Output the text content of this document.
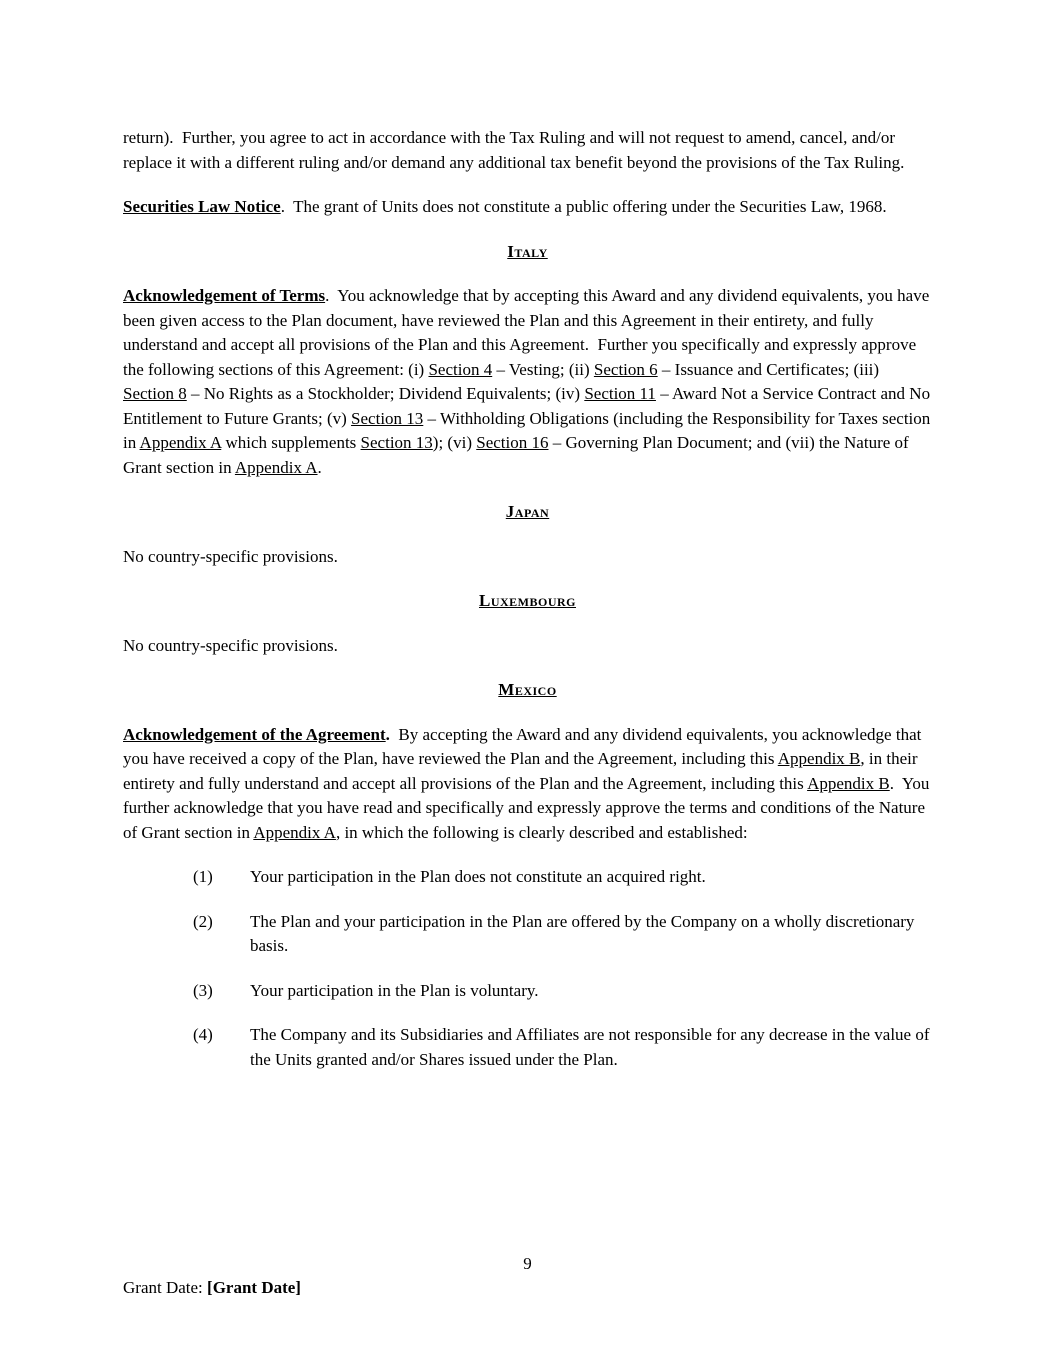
return).  Further, you agree to act in accordance with the Tax Ruling and will not request to amend, cancel, and/or replace it with a different ruling and/or demand any additional tax benefit beyond the provisions of the Tax Ruling.

Securities Law Notice.  The grant of Units does not constitute a public offering under the Securities Law, 1968.

Italy

Acknowledgement of Terms.  You acknowledge that by accepting this Award and any dividend equivalents, you have been given access to the Plan document, have reviewed the Plan and this Agreement in their entirety, and fully understand and accept all provisions of the Plan and this Agreement.  Further you specifically and expressly approve the following sections of this Agreement: (i) Section 4 – Vesting; (ii) Section 6 – Issuance and Certificates; (iii) Section 8 – No Rights as a Stockholder; Dividend Equivalents; (iv) Section 11 – Award Not a Service Contract and No Entitlement to Future Grants; (v) Section 13 – Withholding Obligations (including the Responsibility for Taxes section in Appendix A which supplements Section 13); (vi) Section 16 – Governing Plan Document; and (vii) the Nature of Grant section in Appendix A.

Japan

No country-specific provisions.

Luxembourg

No country-specific provisions.

Mexico

Acknowledgement of the Agreement.  By accepting the Award and any dividend equivalents, you acknowledge that you have received a copy of the Plan, have reviewed the Plan and the Agreement, including this Appendix B, in their entirety and fully understand and accept all provisions of the Plan and the Agreement, including this Appendix B.  You further acknowledge that you have read and specifically and expressly approve the terms and conditions of the Nature of Grant section in Appendix A, in which the following is clearly described and established:

(1)	Your participation in the Plan does not constitute an acquired right.
(2)	The Plan and your participation in the Plan are offered by the Company on a wholly discretionary basis.
(3)	Your participation in the Plan is voluntary.
(4)	The Company and its Subsidiaries and Affiliates are not responsible for any decrease in the value of the Units granted and/or Shares issued under the Plan.
9
Grant Date: [Grant Date]
